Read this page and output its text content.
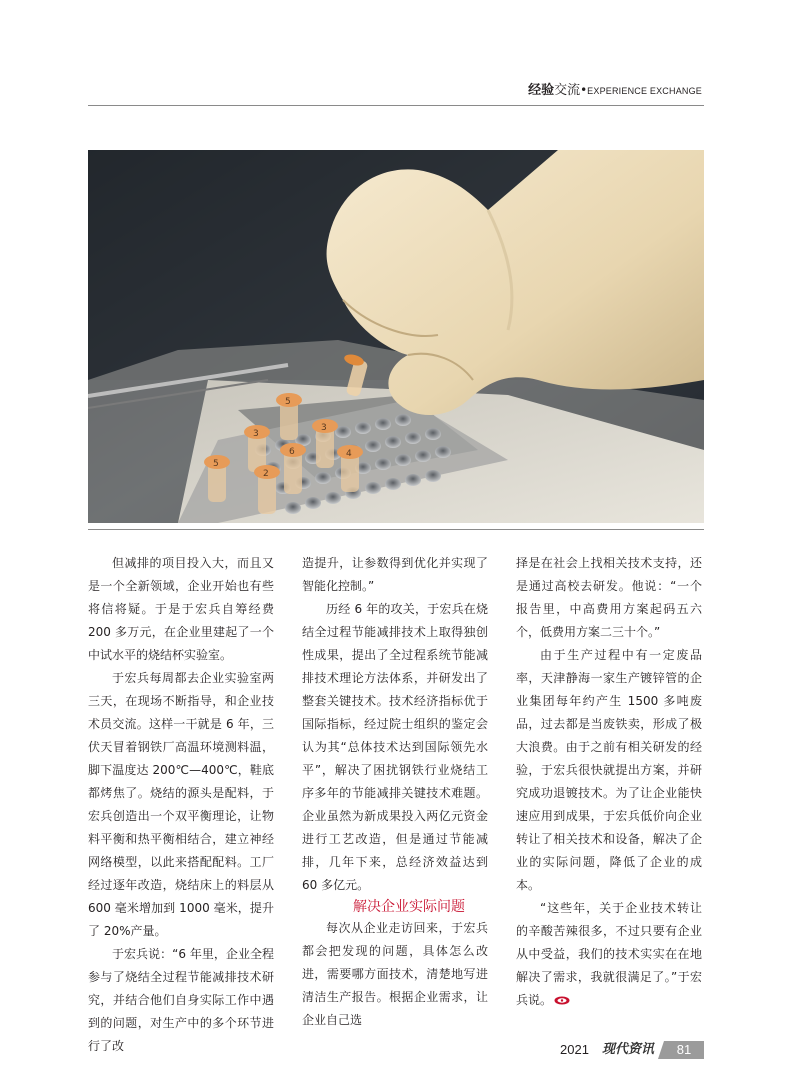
经验交流•EXPERIENCE EXCHANGE
5
3
3
6
5
4
2

但减排的项目投入大，而且又是一个全新领域，企业开始也有些将信将疑。于是于宏兵自筹经费 200 多万元，在企业里建起了一个中试水平的烧结杯实验室。

于宏兵每周都去企业实验室两三天，在现场不断指导，和企业技术员交流。这样一干就是 6 年，三伏天冒着钢铁厂高温环境测料温，脚下温度达 200℃—400℃，鞋底都烤焦了。烧结的源头是配料，于宏兵创造出一个双平衡理论，让物料平衡和热平衡相结合，建立神经网络模型，以此来搭配配料。工厂经过逐年改造，烧结床上的料层从 600 毫米增加到 1000 毫米，提升了 20%产量。

于宏兵说：“6 年里，企业全程参与了烧结全过程节能减排技术研究，并结合他们自身实际工作中遇到的问题，对生产中的多个环节进行了改

造提升，让参数得到优化并实现了智能化控制。”

历经 6 年的攻关，于宏兵在烧结全过程节能减排技术上取得独创性成果，提出了全过程系统节能减排技术理论方法体系，并研发出了整套关键技术。技术经济指标优于国际指标，经过院士组织的鉴定会认为其“总体技术达到国际领先水平”，解决了困扰钢铁行业烧结工序多年的节能减排关键技术难题。企业虽然为新成果投入两亿元资金进行工艺改造，但是通过节能减排，几年下来，总经济效益达到 60 多亿元。

解决企业实际问题

每次从企业走访回来，于宏兵都会把发现的问题，具体怎么改进，需要哪方面技术，清楚地写进清洁生产报告。根据企业需求，让企业自己选

择是在社会上找相关技术支持，还是通过高校去研发。他说：“一个报告里，中高费用方案起码五六个，低费用方案二三十个。”

由于生产过程中有一定废品率，天津静海一家生产镀锌管的企业集团每年约产生 1500 多吨废品，过去都是当废铁卖，形成了极大浪费。由于之前有相关研发的经验，于宏兵很快就提出方案，并研究成功退镀技术。为了让企业能快速应用到成果，于宏兵低价向企业转让了相关技术和设备，解决了企业的实际问题，降低了企业的成本。

“这些年，关于企业技术转让的辛酸苦辣很多，不过只要有企业从中受益，我们的技术实实在在地解决了需求，我就很满足了。”于宏兵说。

2021 现代资讯	81
